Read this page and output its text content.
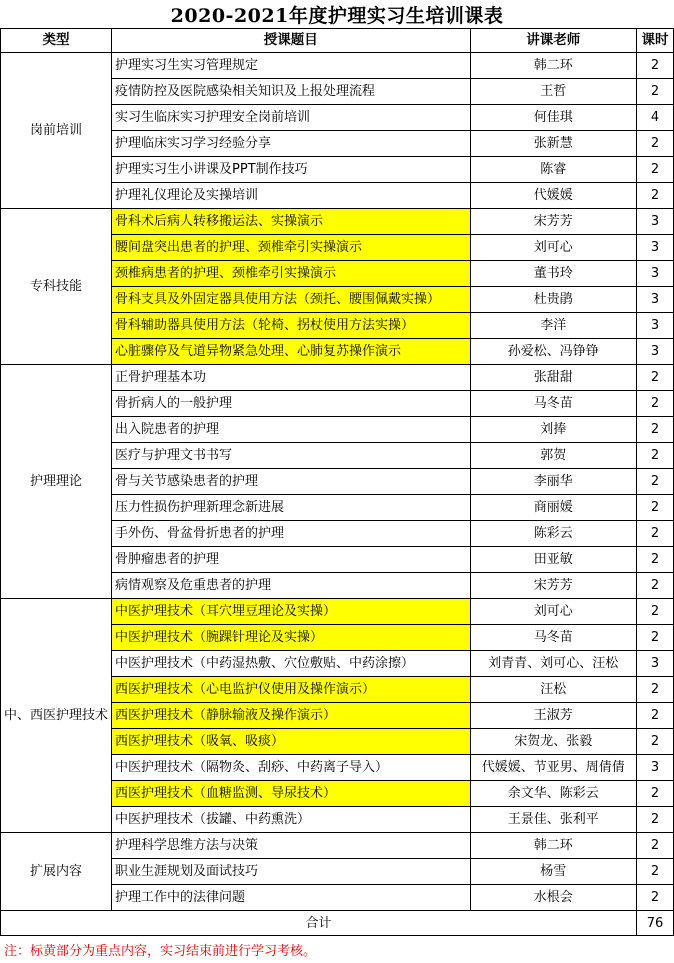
2020-2021年度护理实习生培训课表
类型	授课题目	讲课老师	课时
岗前培训	护理实习生实习管理规定	韩二环	2
	疫情防控及医院感染相关知识及上报处理流程	王哲	2
	实习生临床实习护理安全岗前培训	何佳琪	4
	护理临床实习学习经验分享	张新慧	2
	护理实习生小讲课及PPT制作技巧	陈睿	2
	护理礼仪理论及实操培训	代媛媛	2
专科技能	骨科术后病人转移搬运法、实操演示	宋芳芳	3
	腰间盘突出患者的护理、颈椎牵引实操演示	刘可心	3
	颈椎病患者的护理、颈椎牵引实操演示	董书玲	3
	骨科支具及外固定器具使用方法（颈托、腰围佩戴实操）	杜贵鹃	3
	骨科辅助器具使用方法（轮椅、拐杖使用方法实操）	李洋	3
	心脏骤停及气道异物紧急处理、心肺复苏操作演示	孙爱松、冯铮铮	3
护理理论	正骨护理基本功	张甜甜	2
	骨折病人的一般护理	马冬苗	2
	出入院患者的护理	刘捧	2
	医疗与护理文书书写	郭贺	2
	骨与关节感染患者的护理	李丽华	2
	压力性损伤护理新理念新进展	商丽媛	2
	手外伤、骨盆骨折患者的护理	陈彩云	2
	骨肿瘤患者的护理	田亚敏	2
	病情观察及危重患者的护理	宋芳芳	2
中、西医护理技术	中医护理技术（耳穴埋豆理论及实操）	刘可心	2
	中医护理技术（腕踝针理论及实操）	马冬苗	2
	中医护理技术（中药湿热敷、穴位敷贴、中药涂擦）	刘青青、刘可心、汪松	3
	西医护理技术（心电监护仪使用及操作演示）	汪松	2
	西医护理技术（静脉输液及操作演示）	王淑芳	2
	西医护理技术（吸氧、吸痰）	宋贺龙、张毅	2
	中医护理技术（隔物灸、刮痧、中药离子导入）	代媛媛、节亚男、周倩倩	3
	西医护理技术（血糖监测、导尿技术）	余文华、陈彩云	2
	中医护理技术（拔罐、中药熏洗）	王景佳、张利平	2
扩展内容	护理科学思维方法与决策	韩二环	2
	职业生涯规划及面试技巧	杨雪	2
	护理工作中的法律问题	水根会	2
合计			76
注：标黄部分为重点内容，实习结束前进行学习考核。
